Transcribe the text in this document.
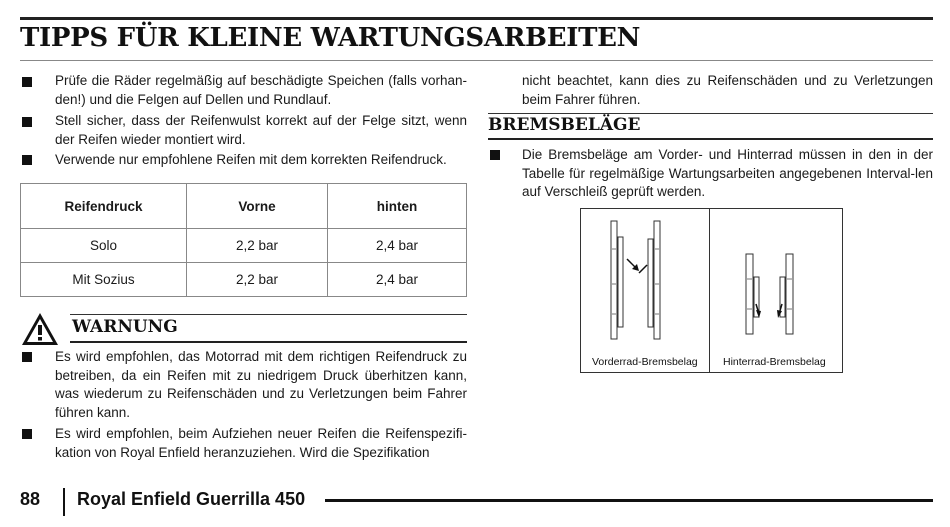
TIPPS FÜR KLEINE WARTUNGSARBEITEN
Prüfe die Räder regelmäßig auf beschädigte Speichen (falls vorhan-den!) und die Felgen auf Dellen und Rundlauf.
Stell sicher, dass der Reifenwulst korrekt auf der Felge sitzt, wenn der Reifen wieder montiert wird.
Verwende nur empfohlene Reifen mit dem korrekten Reifendruck.
Reifendruck	Vorne	hinten
Solo	2,2 bar	2,4 bar
Mit Sozius	2,2 bar	2,4 bar
WARNUNG
Es wird empfohlen, das Motorrad mit dem richtigen Reifendruck zu betreiben, da ein Reifen mit zu niedrigem Druck überhitzen kann, was wiederum zu Reifenschäden und zu Verletzungen beim Fahrer führen kann.
Es wird empfohlen, beim Aufziehen neuer Reifen die Reifenspezifi-kation von Royal Enfield heranzuziehen. Wird die Spezifikation
nicht beachtet, kann dies zu Reifenschäden und zu Verletzungen beim Fahrer führen.
BREMSBELÄGE
Die Bremsbeläge am Vorder- und Hinterrad müssen in den in der Tabelle für regelmäßige Wartungsarbeiten angegebenen Interval-len auf Verschleiß geprüft werden.
Vorderrad-Bremsbelag Hinterrad-Bremsbelag
88 Royal Enfield Guerrilla 450
